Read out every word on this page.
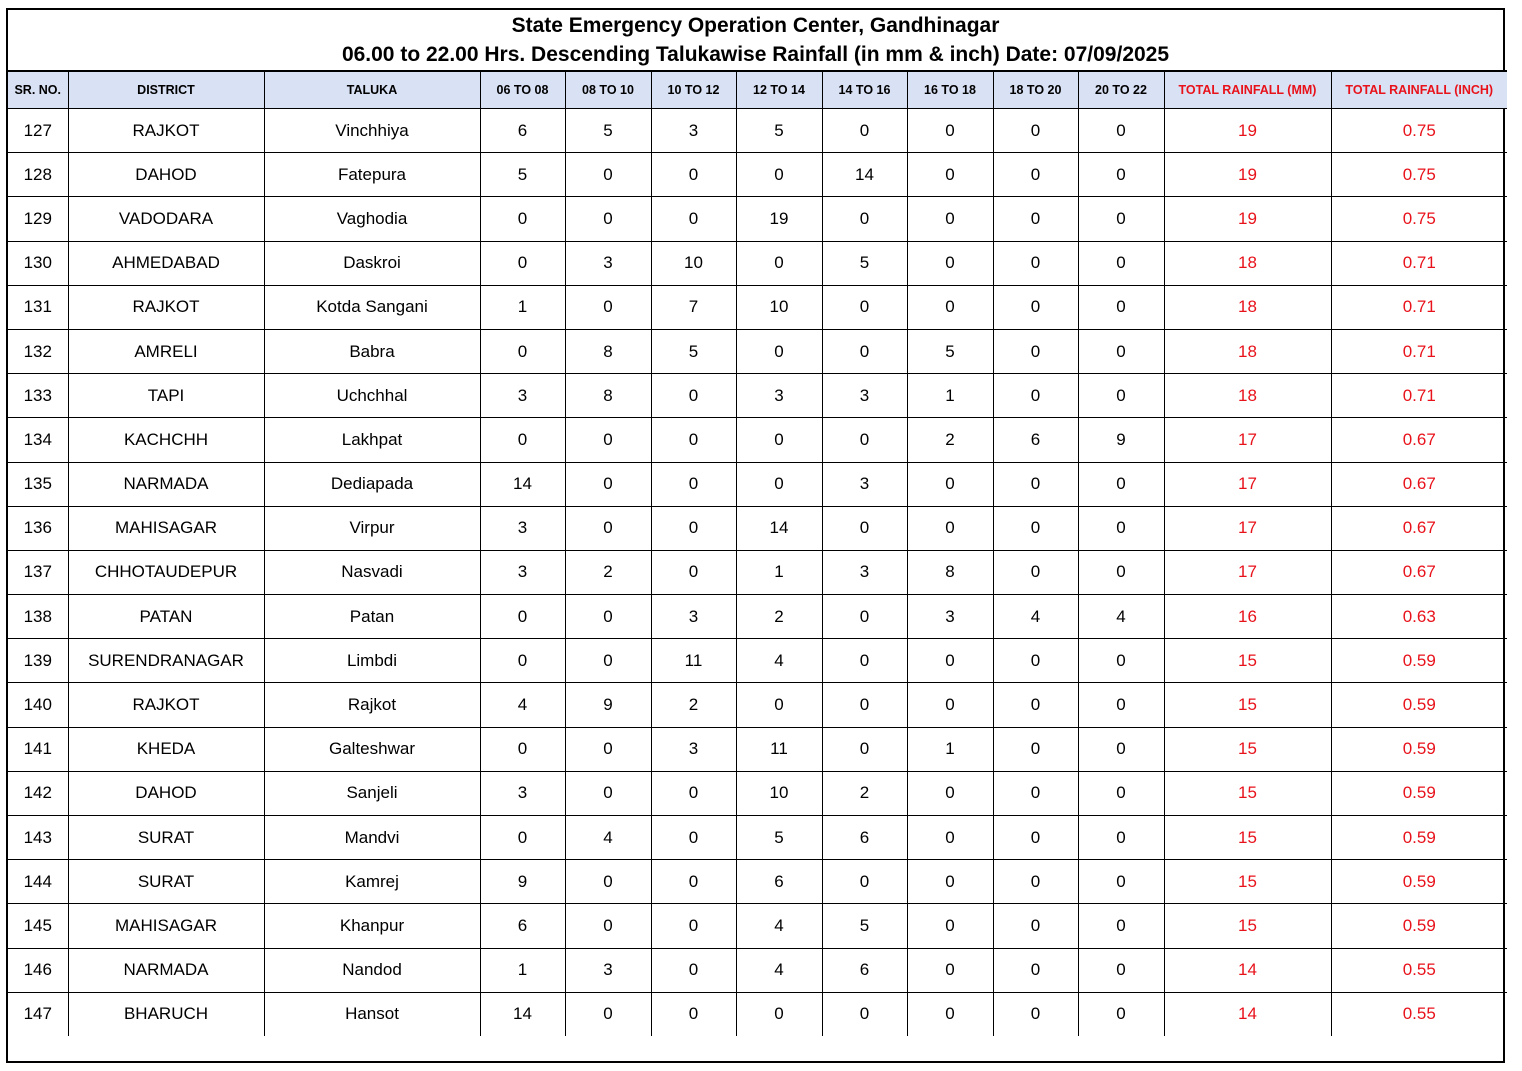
State Emergency Operation Center, Gandhinagar
06.00 to 22.00 Hrs. Descending Talukawise Rainfall (in mm & inch) Date: 07/09/2025
SR. NO.	DISTRICT	TALUKA	06 TO 08	08 TO 10	10 TO 12	12 TO 14	14 TO 16	16 TO 18	18 TO 20	20 TO 22	TOTAL RAINFALL (MM)	TOTAL RAINFALL (INCH)
127	RAJKOT	Vinchhiya	6	5	3	5	0	0	0	0	19	0.75
128	DAHOD	Fatepura	5	0	0	0	14	0	0	0	19	0.75
129	VADODARA	Vaghodia	0	0	0	19	0	0	0	0	19	0.75
130	AHMEDABAD	Daskroi	0	3	10	0	5	0	0	0	18	0.71
131	RAJKOT	Kotda Sangani	1	0	7	10	0	0	0	0	18	0.71
132	AMRELI	Babra	0	8	5	0	0	5	0	0	18	0.71
133	TAPI	Uchchhal	3	8	0	3	3	1	0	0	18	0.71
134	KACHCHH	Lakhpat	0	0	0	0	0	2	6	9	17	0.67
135	NARMADA	Dediapada	14	0	0	0	3	0	0	0	17	0.67
136	MAHISAGAR	Virpur	3	0	0	14	0	0	0	0	17	0.67
137	CHHOTAUDEPUR	Nasvadi	3	2	0	1	3	8	0	0	17	0.67
138	PATAN	Patan	0	0	3	2	0	3	4	4	16	0.63
139	SURENDRANAGAR	Limbdi	0	0	11	4	0	0	0	0	15	0.59
140	RAJKOT	Rajkot	4	9	2	0	0	0	0	0	15	0.59
141	KHEDA	Galteshwar	0	0	3	11	0	1	0	0	15	0.59
142	DAHOD	Sanjeli	3	0	0	10	2	0	0	0	15	0.59
143	SURAT	Mandvi	0	4	0	5	6	0	0	0	15	0.59
144	SURAT	Kamrej	9	0	0	6	0	0	0	0	15	0.59
145	MAHISAGAR	Khanpur	6	0	0	4	5	0	0	0	15	0.59
146	NARMADA	Nandod	1	3	0	4	6	0	0	0	14	0.55
147	BHARUCH	Hansot	14	0	0	0	0	0	0	0	14	0.55
